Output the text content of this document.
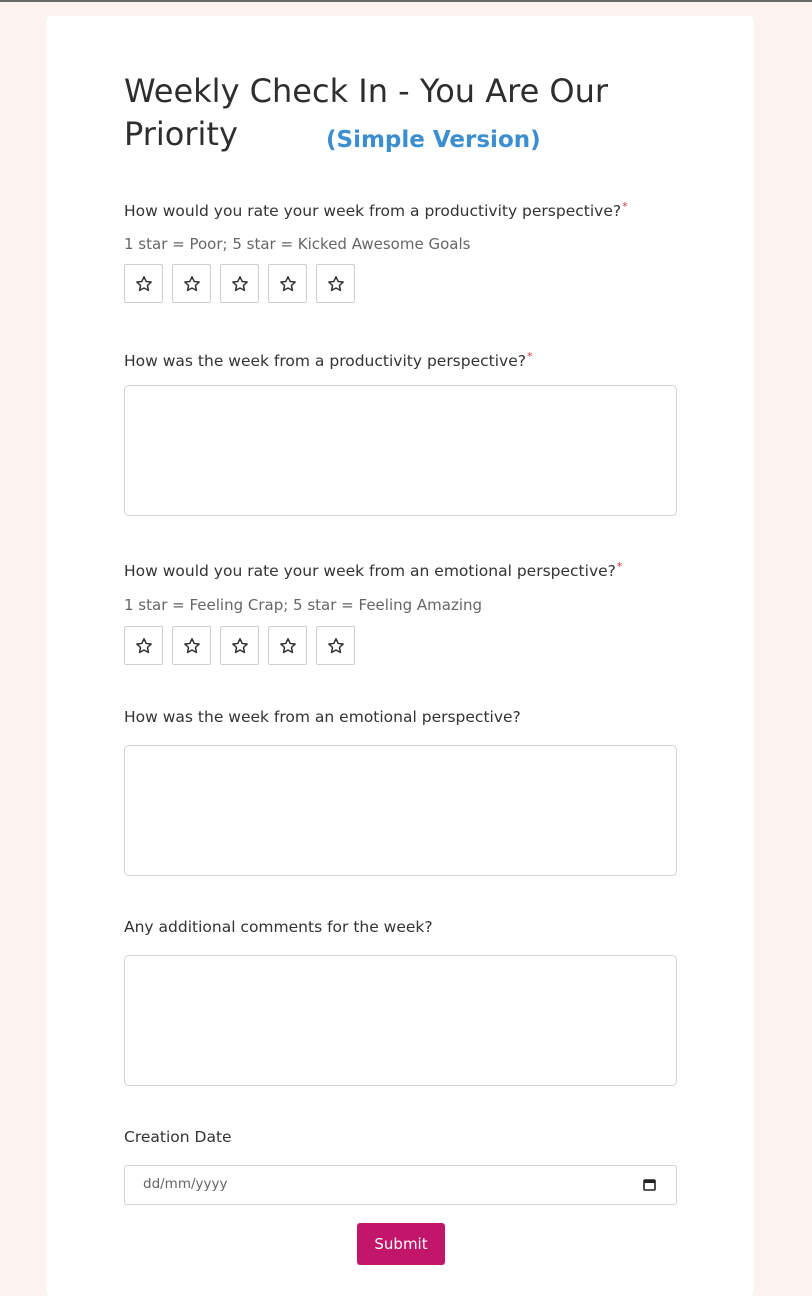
Weekly Check In - You Are Our Priority	(Simple Version)
How would you rate your week from a productivity perspective?*
1 star = Poor; 5 star = Kicked Awesome Goals
How was the week from a productivity perspective?*
How would you rate your week from an emotional perspective?*
1 star = Feeling Crap; 5 star = Feeling Amazing
How was the week from an emotional perspective?
Any additional comments for the week?
Creation Date
dd/mm/yyyy
Submit
